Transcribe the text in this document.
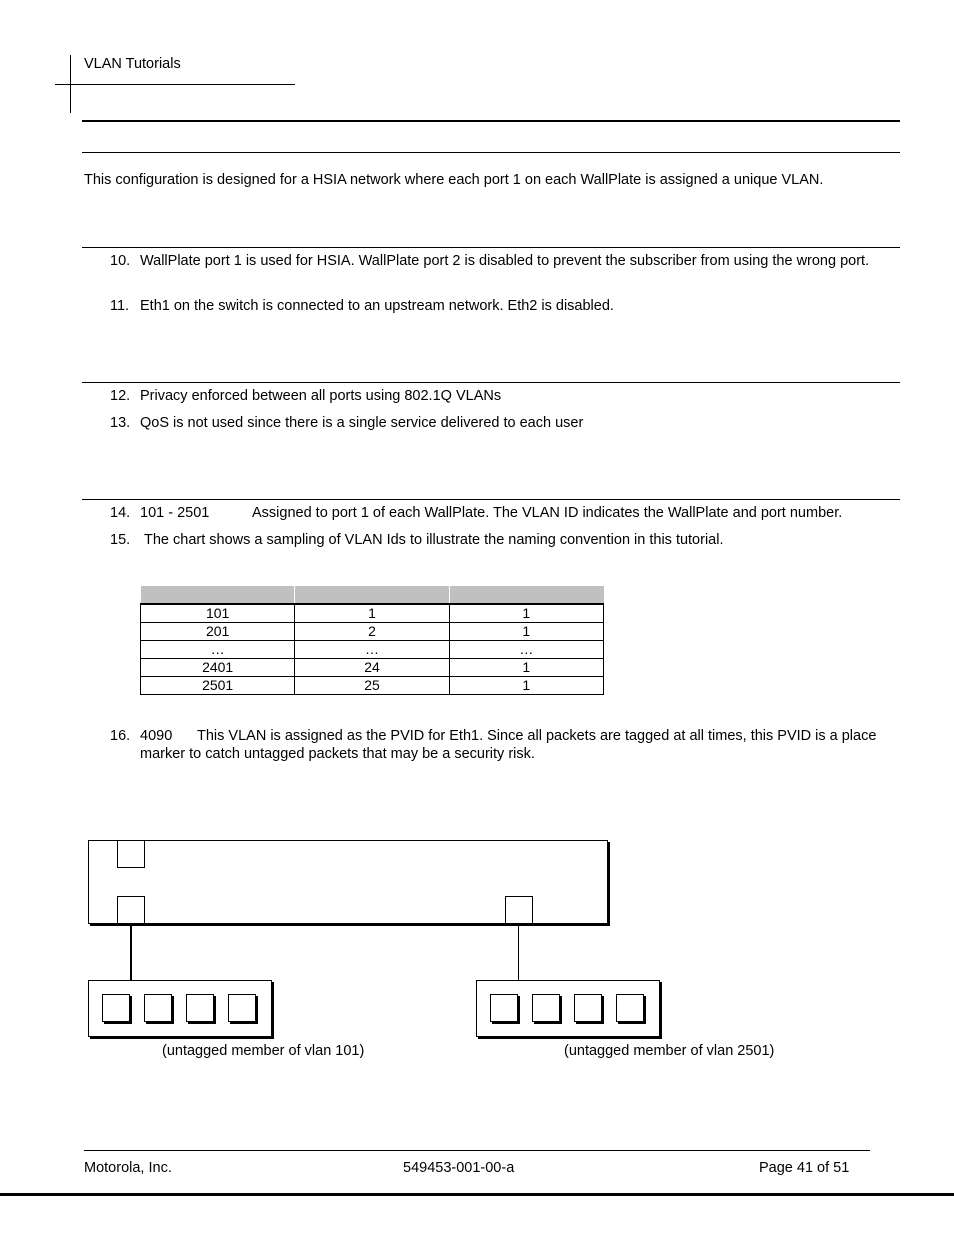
VLAN Tutorials
This configuration is designed for a HSIA network where each port 1 on each WallPlate is assigned a unique VLAN.
10. WallPlate port 1 is used for HSIA. WallPlate port 2 is disabled to prevent the subscriber from using the wrong port.
11. Eth1 on the switch is connected to an upstream network. Eth2 is disabled.
12. Privacy enforced between all ports using 802.1Q VLANs
13. QoS is not used since there is a single service delivered to each user
14. 101 - 2501	Assigned to port 1 of each WallPlate. The VLAN ID indicates the WallPlate and port number.
15. The chart shows a sampling of VLAN Ids to illustrate the naming convention in this tutorial.

101	1	1
201	2	1
…	…	…
2401	24	1
2501	25	1
16. 4090	This VLAN is assigned as the PVID for Eth1. Since all packets are tagged at all times, this PVID is a place marker to catch untagged packets that may be a security risk.
(untagged member of vlan 101)	(untagged member of vlan 2501)
Motorola, Inc.	549453-001-00-a	Page 41 of 51
